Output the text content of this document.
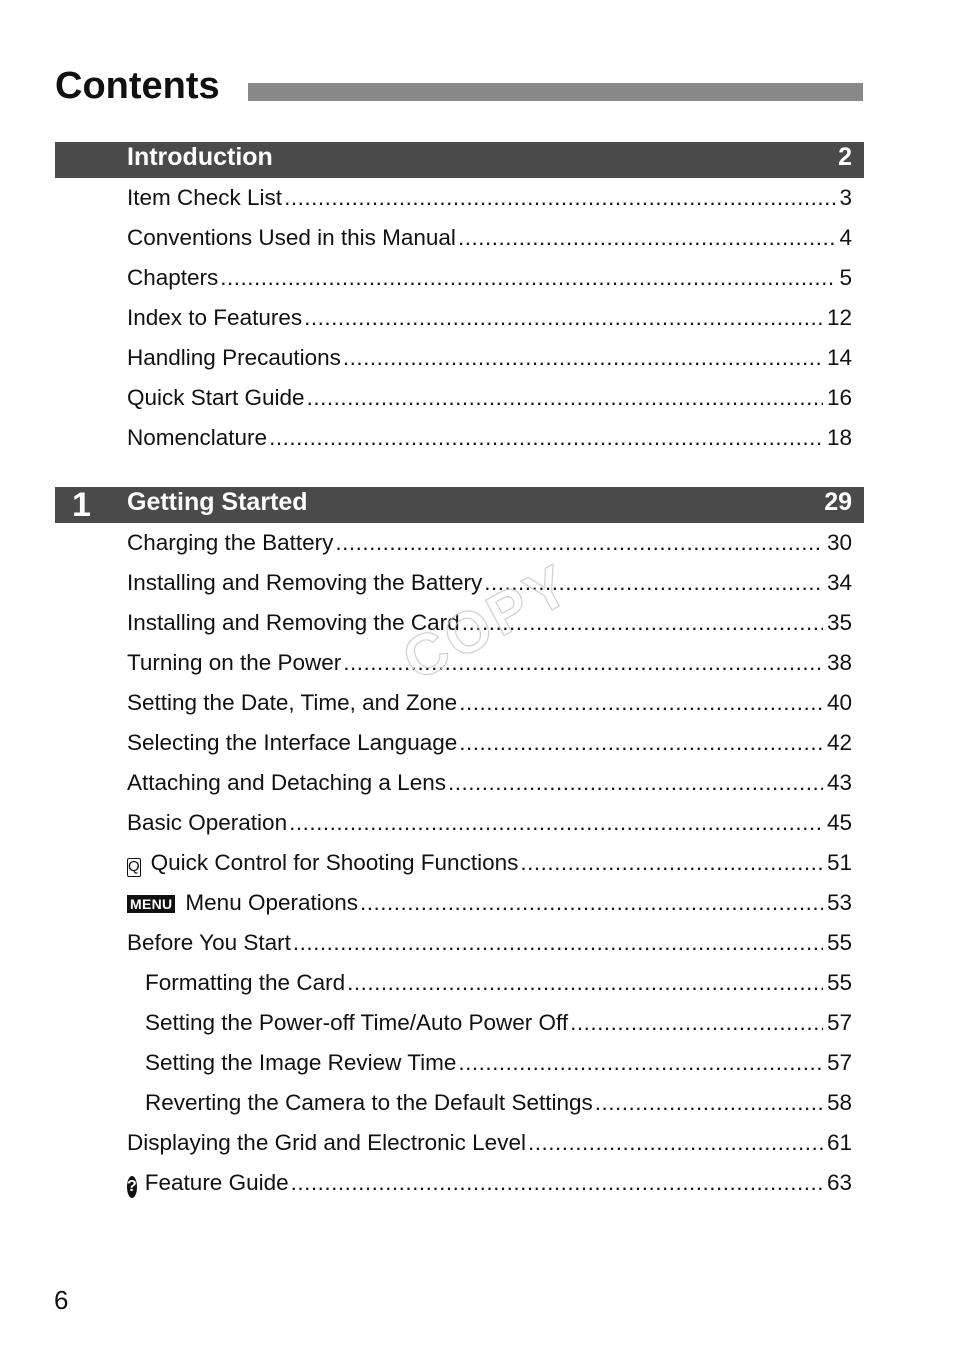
Contents
Introduction	2
Item Check List .....	3
Conventions Used in this Manual .....	4
Chapters .....	5
Index to Features .....	12
Handling Precautions .....	14
Quick Start Guide .....	16
Nomenclature .....	18
1 Getting Started	29
Charging the Battery .....	30
Installing and Removing the Battery .....	34
Installing and Removing the Card .....	35
Turning on the Power .....	38
Setting the Date, Time, and Zone .....	40
Selecting the Interface Language .....	42
Attaching and Detaching a Lens .....	43
Basic Operation .....	45
Q Quick Control for Shooting Functions .....	51
MENU Menu Operations .....	53
Before You Start .....	55
Formatting the Card .....	55
Setting the Power-off Time/Auto Power Off .....	57
Setting the Image Review Time .....	57
Reverting the Camera to the Default Settings .....	58
Displaying the Grid and Electronic Level .....	61
? Feature Guide .....	63
COPY
6
